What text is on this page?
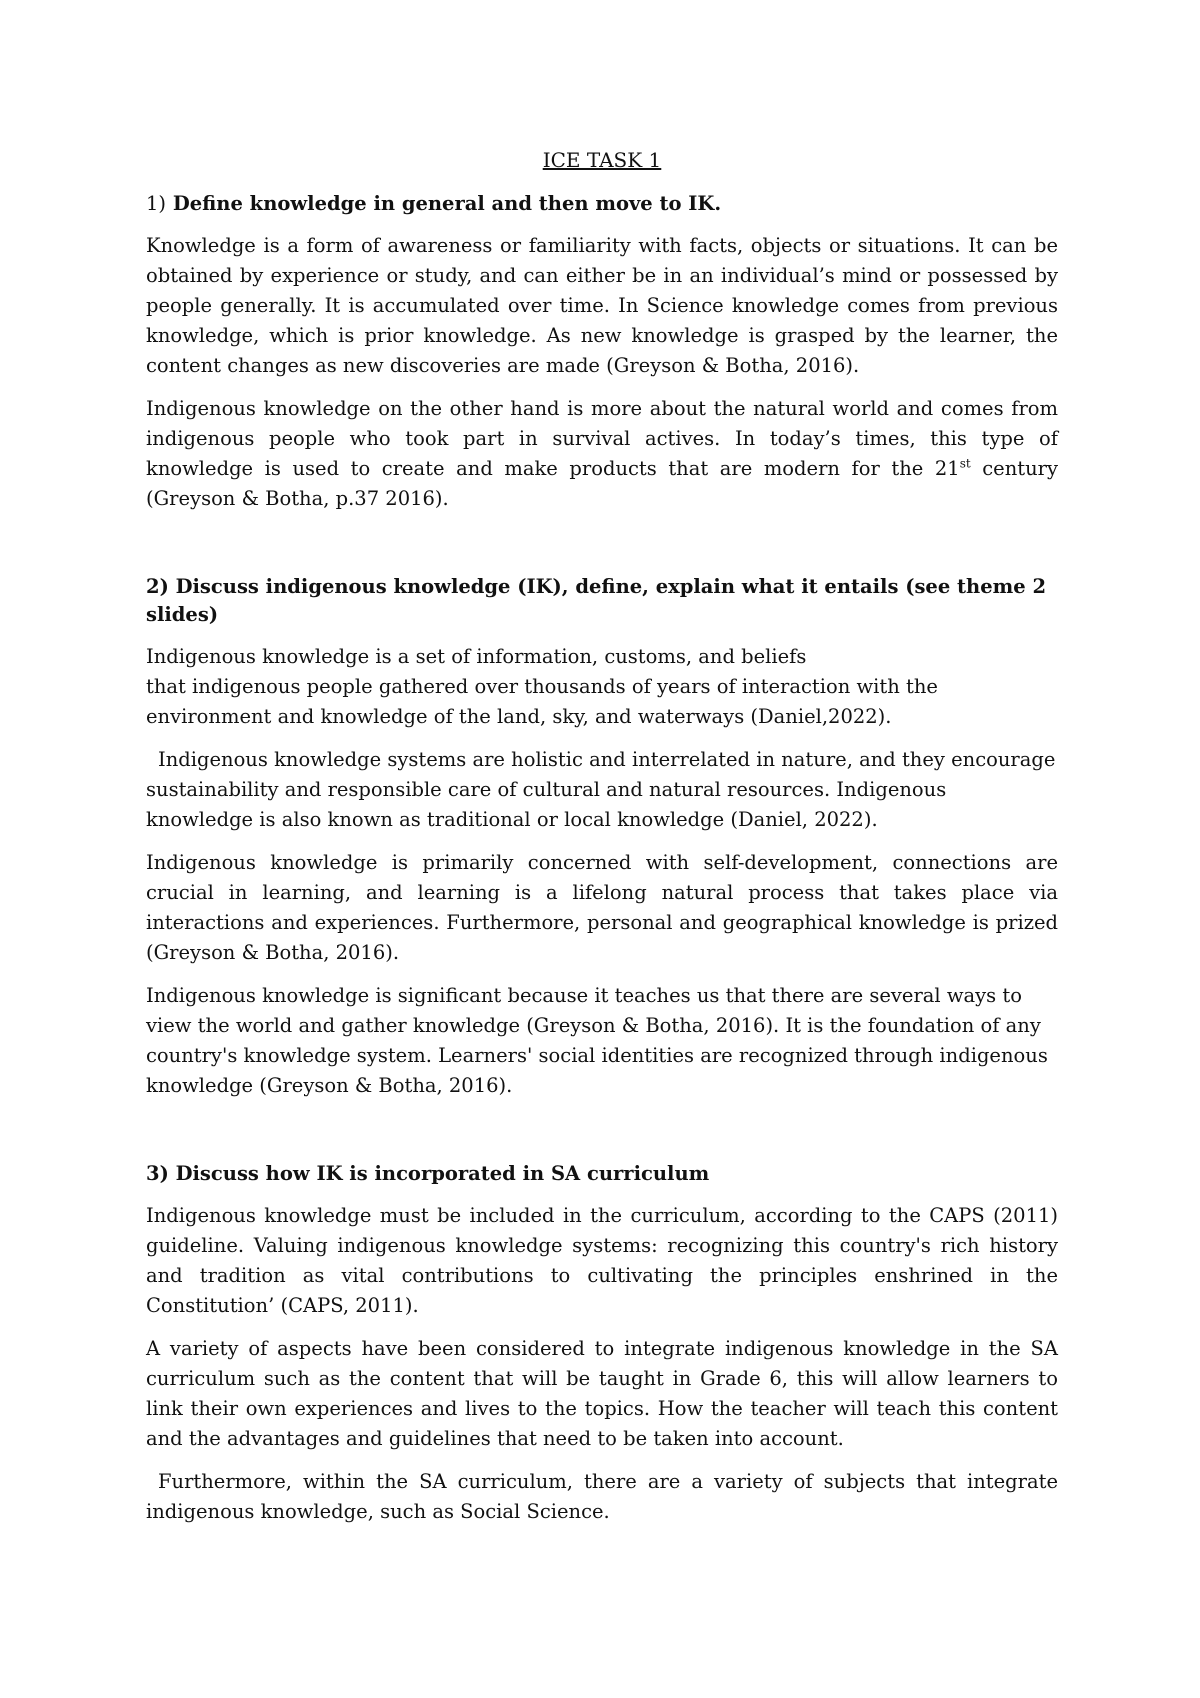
ICE TASK 1
1) Define knowledge in general and then move to IK.

Knowledge is a form of awareness or familiarity with facts, objects or situations. It can be obtained by experience or study, and can either be in an individual’s mind or possessed by people generally. It is accumulated over time. In Science knowledge comes from previous knowledge, which is prior knowledge. As new knowledge is grasped by the learner, the content changes as new discoveries are made (Greyson & Botha, 2016).

Indigenous knowledge on the other hand is more about the natural world and comes from indigenous people who took part in survival actives. In today’s times, this type of knowledge is used to create and make products that are modern for the 21st century (Greyson & Botha, p.37 2016).

2) Discuss indigenous knowledge (IK), define, explain what it entails (see theme 2 slides)

Indigenous knowledge is a set of information, customs, and beliefs
that indigenous people gathered over thousands of years of interaction with the environment and knowledge of the land, sky, and waterways (Daniel,2022).

Indigenous knowledge systems are holistic and interrelated in nature, and they encourage sustainability and responsible care of cultural and natural resources. Indigenous knowledge is also known as traditional or local knowledge (Daniel, 2022).

Indigenous knowledge is primarily concerned with self-development, connections are crucial in learning, and learning is a lifelong natural process that takes place via interactions and experiences. Furthermore, personal and geographical knowledge is prized (Greyson & Botha, 2016).

Indigenous knowledge is significant because it teaches us that there are several ways to view the world and gather knowledge (Greyson & Botha, 2016). It is the foundation of any country's knowledge system. Learners' social identities are recognized through indigenous knowledge (Greyson & Botha, 2016).

3) Discuss how IK is incorporated in SA curriculum

Indigenous knowledge must be included in the curriculum, according to the CAPS (2011) guideline. Valuing indigenous knowledge systems: recognizing this country's rich history and tradition as vital contributions to cultivating the principles enshrined in the Constitution’ (CAPS, 2011).

A variety of aspects have been considered to integrate indigenous knowledge in the SA curriculum such as the content that will be taught in Grade 6, this will allow learners to link their own experiences and lives to the topics. How the teacher will teach this content and the advantages and guidelines that need to be taken into account.

Furthermore, within the SA curriculum, there are a variety of subjects that integrate indigenous knowledge, such as Social Science.
